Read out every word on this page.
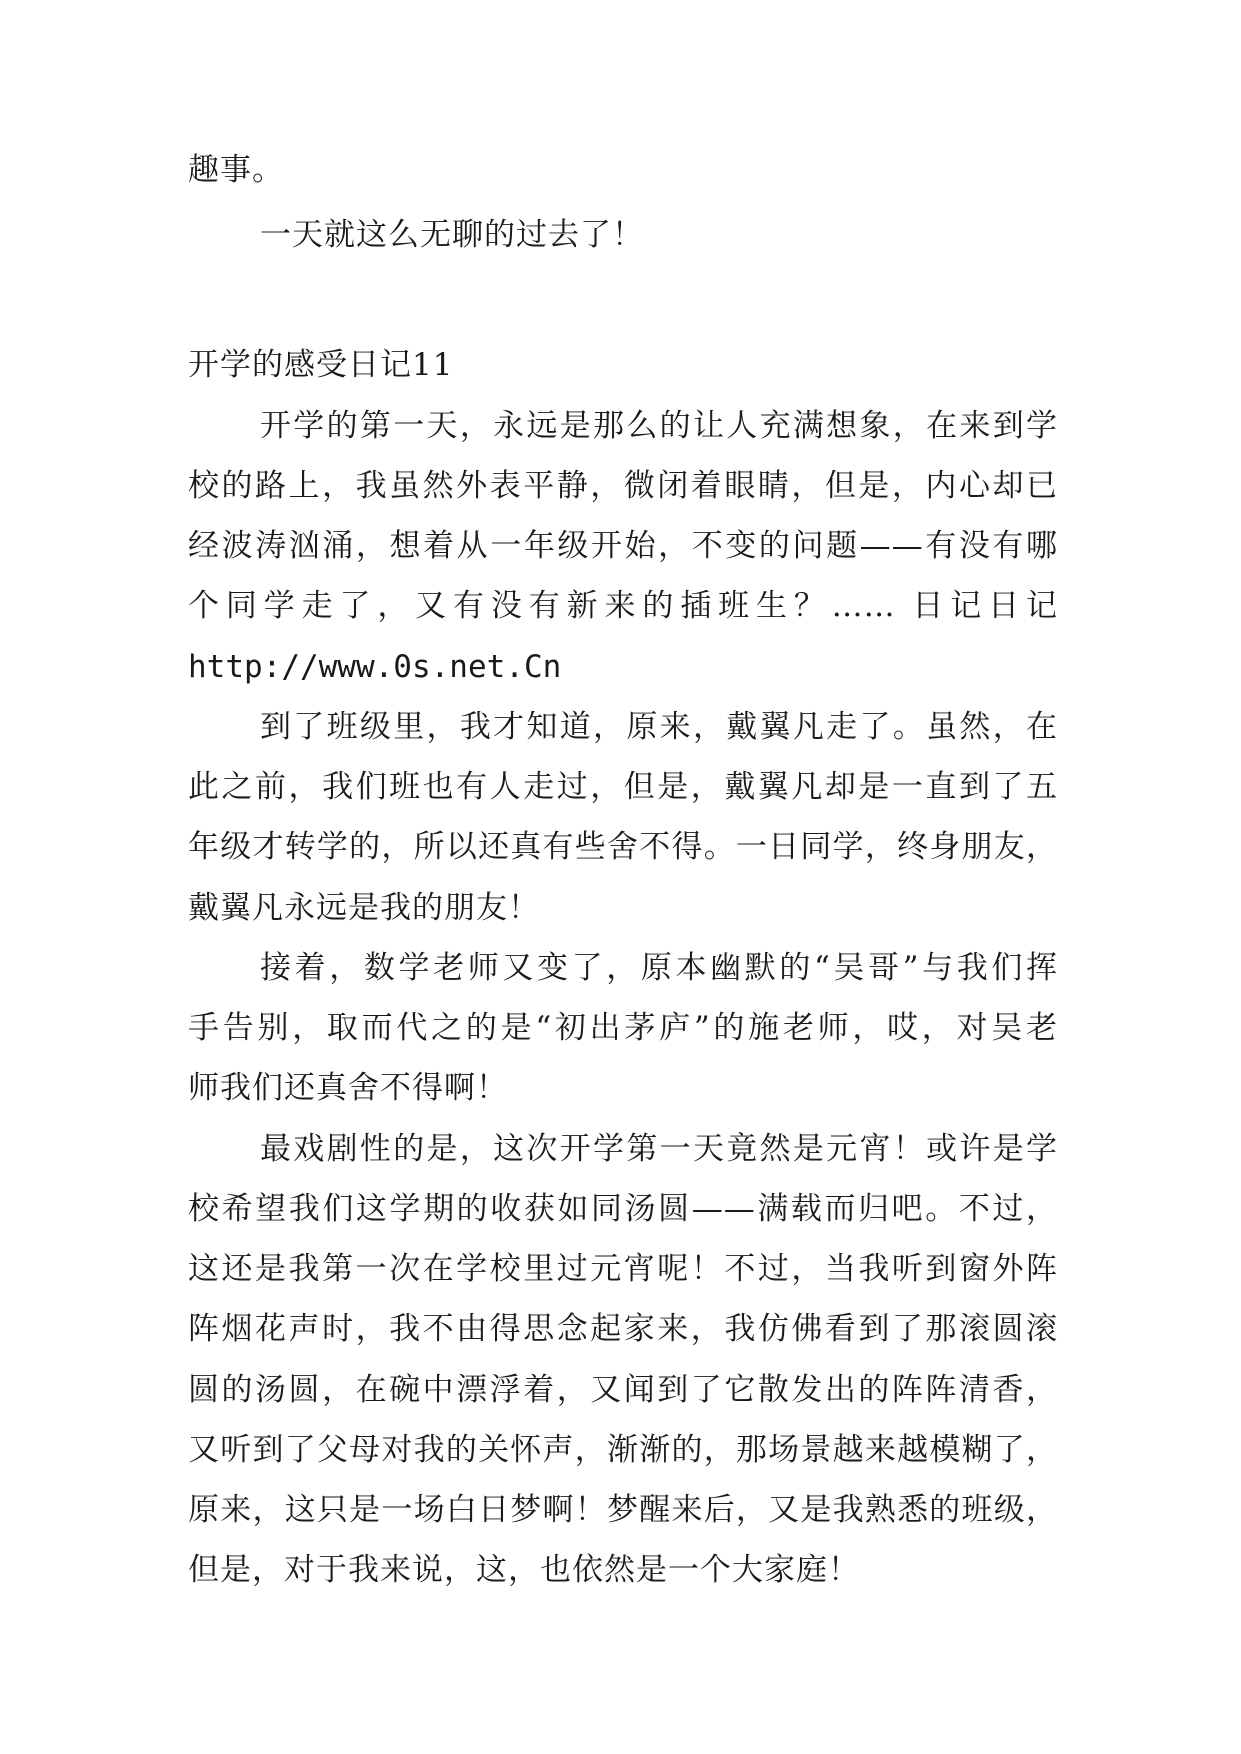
趣事。
一天就这么无聊的过去了！
开学的感受日记11
开学的第一天，永远是那么的让人充满想象，在来到学
校的路上，我虽然外表平静，微闭着眼睛，但是，内心却已
经波涛汹涌，想着从一年级开始，不变的问题——有没有哪
个同学走了，又有没有新来的插班生？…… 日记日记
http://www.0s.net.Cn
到了班级里，我才知道，原来，戴翼凡走了。虽然，在
此之前，我们班也有人走过，但是，戴翼凡却是一直到了五
年级才转学的，所以还真有些舍不得。一日同学，终身朋友，
戴翼凡永远是我的朋友！
接着，数学老师又变了，原本幽默的“吴哥”与我们挥
手告别，取而代之的是“初出茅庐”的施老师，哎，对吴老
师我们还真舍不得啊！
最戏剧性的是，这次开学第一天竟然是元宵！或许是学
校希望我们这学期的收获如同汤圆——满载而归吧。不过，
这还是我第一次在学校里过元宵呢！不过，当我听到窗外阵
阵烟花声时，我不由得思念起家来，我仿佛看到了那滚圆滚
圆的汤圆，在碗中漂浮着，又闻到了它散发出的阵阵清香，
又听到了父母对我的关怀声，渐渐的，那场景越来越模糊了，
原来，这只是一场白日梦啊！梦醒来后，又是我熟悉的班级，
但是，对于我来说，这，也依然是一个大家庭！
